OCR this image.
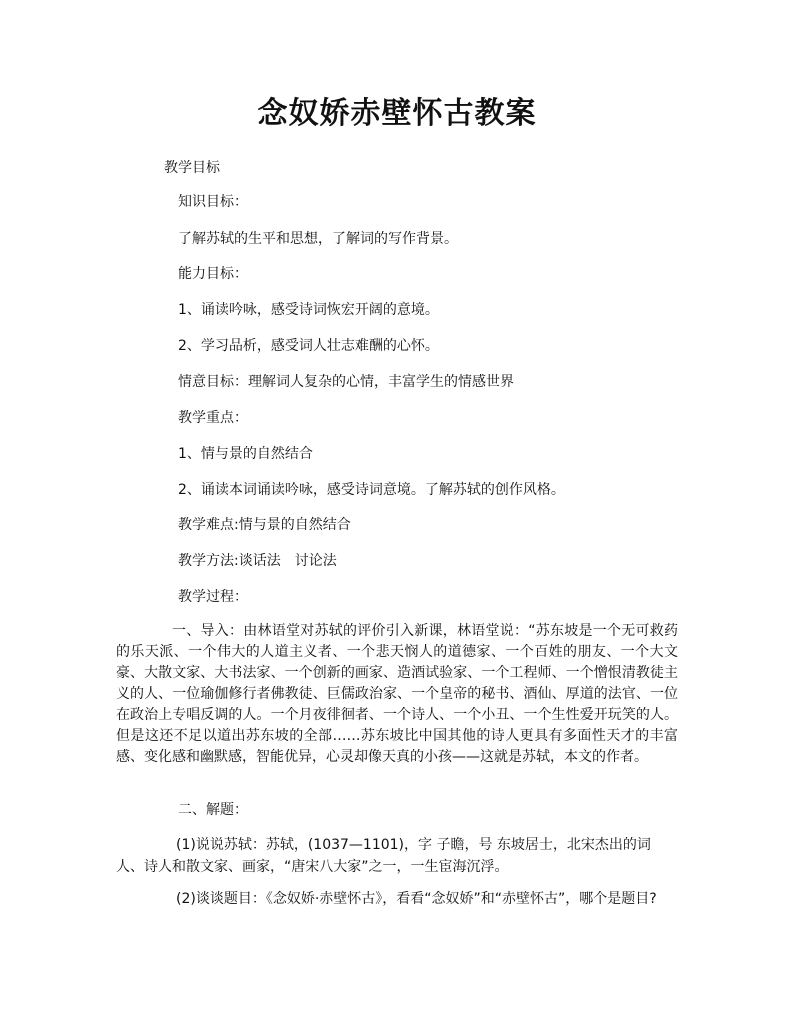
念奴娇赤壁怀古教案

教学目标

知识目标：

了解苏轼的生平和思想，了解词的写作背景。

能力目标：

1、诵读吟咏，感受诗词恢宏开阔的意境。

2、学习品析，感受词人壮志难酬的心怀。

情意目标：理解词人复杂的心情，丰富学生的情感世界

教学重点：

1、情与景的自然结合

2、诵读本词诵读吟咏，感受诗词意境。了解苏轼的创作风格。

教学难点:情与景的自然结合

教学方法:谈话法　讨论法

教学过程：

一、导入：由林语堂对苏轼的评价引入新课，林语堂说：“苏东坡是一个无可救药的乐天派、一个伟大的人道主义者、一个悲天悯人的道德家、一个百姓的朋友、一个大文豪、大散文家、大书法家、一个创新的画家、造酒试验家、一个工程师、一个憎恨清教徒主义的人、一位瑜伽修行者佛教徒、巨儒政治家、一个皇帝的秘书、酒仙、厚道的法官、一位在政治上专唱反调的人。一个月夜徘徊者、一个诗人、一个小丑、一个生性爱开玩笑的人。但是这还不足以道出苏东坡的全部……苏东坡比中国其他的诗人更具有多面性天才的丰富感、变化感和幽默感，智能优异，心灵却像天真的小孩——这就是苏轼，本文的作者。

二、解题：

(1)说说苏轼：苏轼，(1037—1101)，字 子瞻，号 东坡居士，北宋杰出的词人、诗人和散文家、画家，“唐宋八大家”之一，一生宦海沉浮。

(2)谈谈题目：《念奴娇·赤壁怀古》，看看“念奴娇”和“赤壁怀古”，哪个是题目?
